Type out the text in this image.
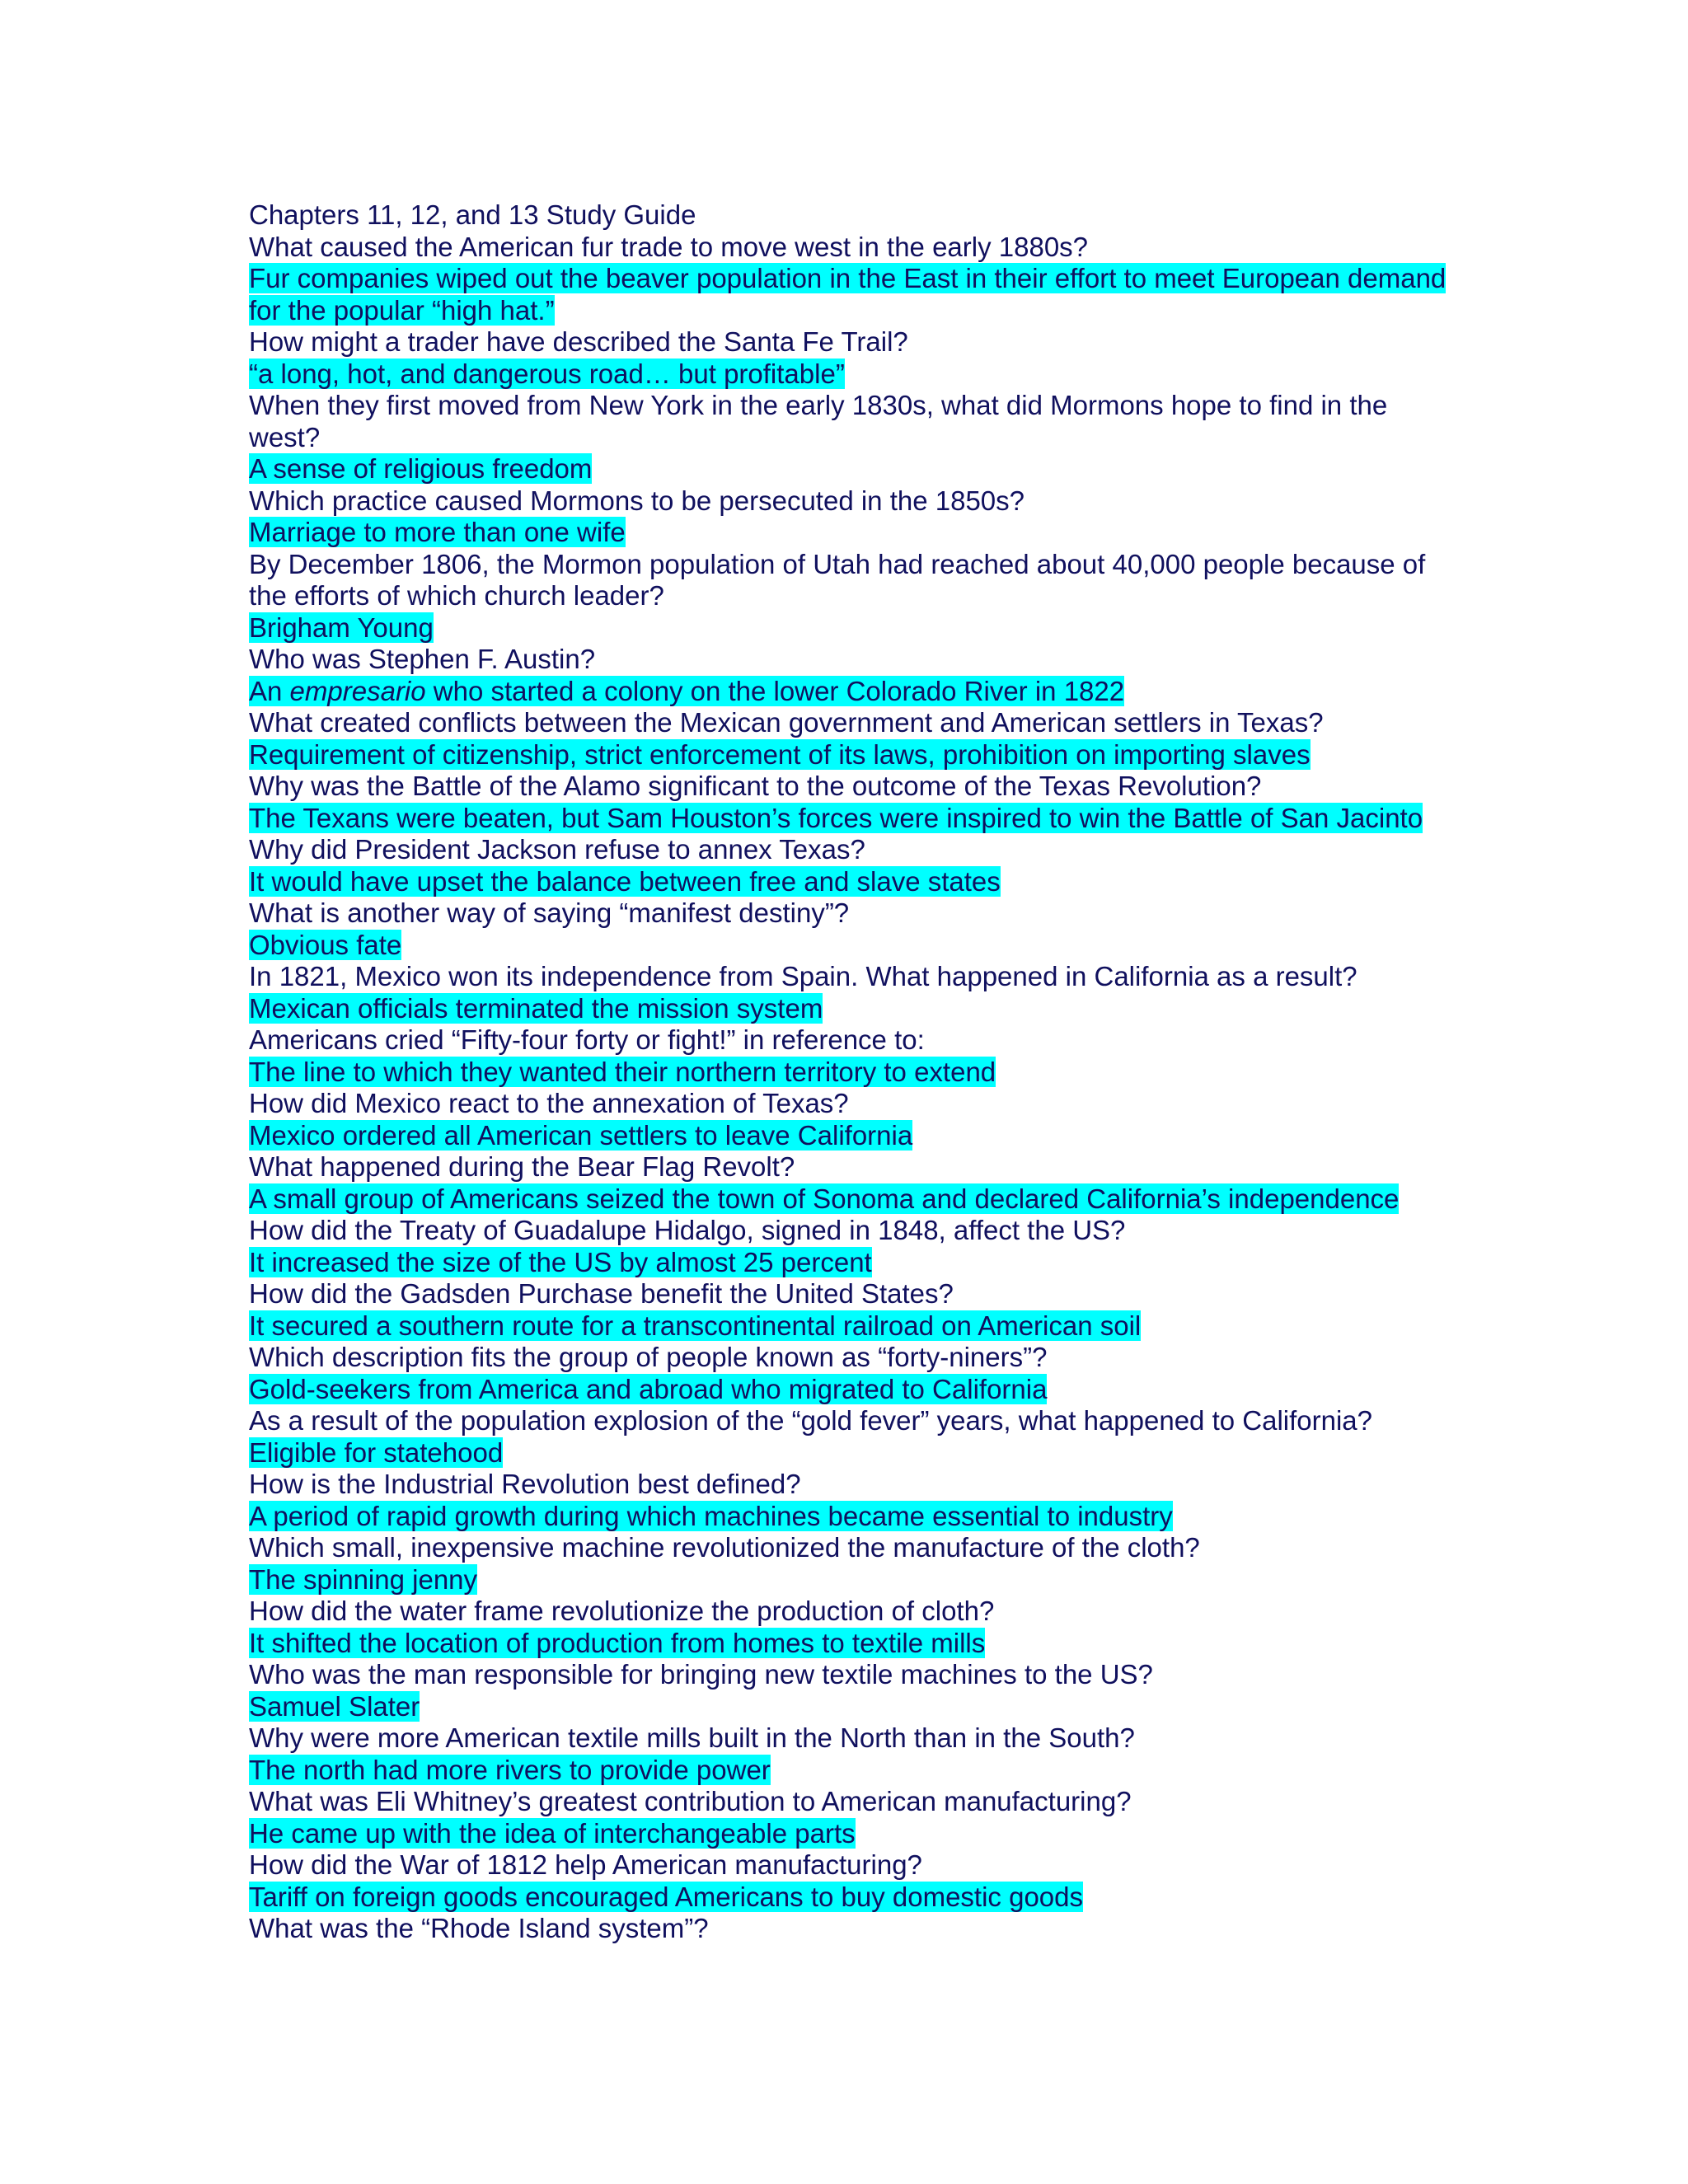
Chapters 11, 12, and 13 Study Guide
What caused the American fur trade to move west in the early 1880s?
Fur companies wiped out the beaver population in the East in their effort to meet European demand for the popular “high hat.”
How might a trader have described the Santa Fe Trail?
“a long, hot, and dangerous road… but profitable”
When they first moved from New York in the early 1830s, what did Mormons hope to find in the west?
A sense of religious freedom
Which practice caused Mormons to be persecuted in the 1850s?
Marriage to more than one wife
By December 1806, the Mormon population of Utah had reached about 40,000 people because of the efforts of which church leader?
Brigham Young
Who was Stephen F. Austin?
An empresario who started a colony on the lower Colorado River in 1822
What created conflicts between the Mexican government and American settlers in Texas?
Requirement of citizenship, strict enforcement of its laws, prohibition on importing slaves
Why was the Battle of the Alamo significant to the outcome of the Texas Revolution?
The Texans were beaten, but Sam Houston’s forces were inspired to win the Battle of San Jacinto
Why did President Jackson refuse to annex Texas?
It would have upset the balance between free and slave states
What is another way of saying “manifest destiny”?
Obvious fate
In 1821, Mexico won its independence from Spain. What happened in California as a result?
Mexican officials terminated the mission system
Americans cried “Fifty-four forty or fight!” in reference to:
The line to which they wanted their northern territory to extend
How did Mexico react to the annexation of Texas?
Mexico ordered all American settlers to leave California
What happened during the Bear Flag Revolt?
A small group of Americans seized the town of Sonoma and declared California’s independence
How did the Treaty of Guadalupe Hidalgo, signed in 1848, affect the US?
It increased the size of the US by almost 25 percent
How did the Gadsden Purchase benefit the United States?
It secured a southern route for a transcontinental railroad on American soil
Which description fits the group of people known as “forty-niners”?
Gold-seekers from America and abroad who migrated to California
As a result of the population explosion of the “gold fever” years, what happened to California?
Eligible for statehood
How is the Industrial Revolution best defined?
A period of rapid growth during which machines became essential to industry
Which small, inexpensive machine revolutionized the manufacture of the cloth?
The spinning jenny
How did the water frame revolutionize the production of cloth?
It shifted the location of production from homes to textile mills
Who was the man responsible for bringing new textile machines to the US?
Samuel Slater
Why were more American textile mills built in the North than in the South?
The north had more rivers to provide power
What was Eli Whitney’s greatest contribution to American manufacturing?
He came up with the idea of interchangeable parts
How did the War of 1812 help American manufacturing?
Tariff on foreign goods encouraged Americans to buy domestic goods
What was the “Rhode Island system”?
